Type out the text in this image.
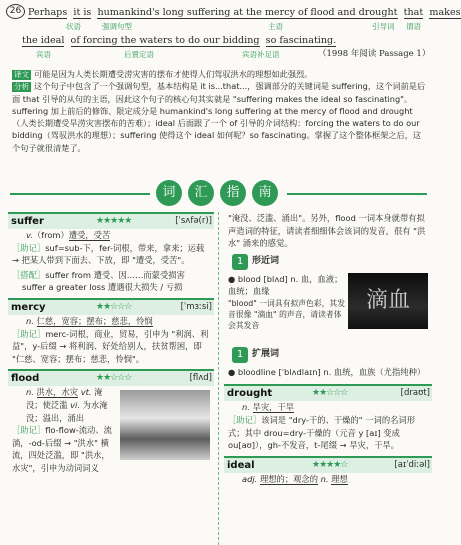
26 Perhaps it is humankind's long suffering at the mercy of flood and drought that makes
状语	强调句型	主语	引导词 谓语
the ideal of forcing the waters to do our bidding so fascinating.
宾语	后置定语	宾语补足语	（1998 年阅读 Passage 1）
译文 可能是因为人类长期遭受涝灾害的摆布才使得人们驾驭洪水的理想如此强烈。
分析 这个句子中包含了一个强调句型，基本结构是 it is...that...，强调部分的关键词是 suffering，这个词前是后面 that 引导的从句的主语，因此这个句子的核心句其实就是 "suffering makes the ideal so fascinating"。suffering 加上前后的修饰、限定成分是 humankind's long suffering at the mercy of flood and drought（人类长期遭受旱涝灾害摆布的苦难）；ideal 后面跟了一个 of 引导的介词结构：forcing the waters to do our bidding（驾驭洪水的理想）；suffering 使得这个 ideal 如何呢？so fascinating。掌握了这个整体框架之后，这个句子就很清楚了。
词	汇	指	南
suffer	★★★★★	[ˈsʌfə(r)]
v.（from）遭受，受苦
［助记］suf=sub-下，fer-词根，带来，拿来；运载 → 把某人带到下面去、下放，即 "遭受，受苦"。
［搭配］suffer from 遭受、因……而蒙受损害
suffer a greater loss 遭遇很大损失 / 亏损
mercy	★★☆☆☆	[ˈmɜːsi]
n. 仁慈，宽容；摆布；慈悲，怜悯
［助记］merc-词根，商业，贸易，引申为 "利润、利益"，y-后缀 → 将利润、好处给别人，扶贫帮困，即 "仁慈、宽容；摆布；慈悲，怜悯"。
flood	★★☆☆☆	[flʌd]
n. 洪水，水灾 vt. 淹没；使泛滥 vi. 为水淹没；溢出，涌出
［助记］flo-flow-流动、流淌，-od-后缀 → "洪水" 横流，四处泛滥，即 "洪水，水灾"，引申为动词词义
"淹没、泛滥、涌出"。另外，flood 一词本身就带有拟声造词的特征，请读者细细体会该词的发音，很有 "洪水" 涌来的感觉。
1 形近词
● blood [blʌd] n. 血，血液；血统；血缘
"blood" 一词具有拟声色彩，其发音很像 "滴血" 的声音，请读者体会其发音
滴血
1 扩展词
● bloodline [ˈblʌdlaɪn] n. 血统，血族（尤指纯种）
drought	★★☆☆☆	[draʊt]
n. 旱灾，干旱
［助记］该词是 "dry-干的、干燥的" 一词的名词形式；其中 drou=dry-干燥的（元音 y [aɪ] 变成 ou[aʊ]），gh-不发音，t-尾缀 → 旱灾，干旱。
ideal	★★★★☆	[aɪˈdiːəl]
adj. 理想的；观念的 n. 理想
